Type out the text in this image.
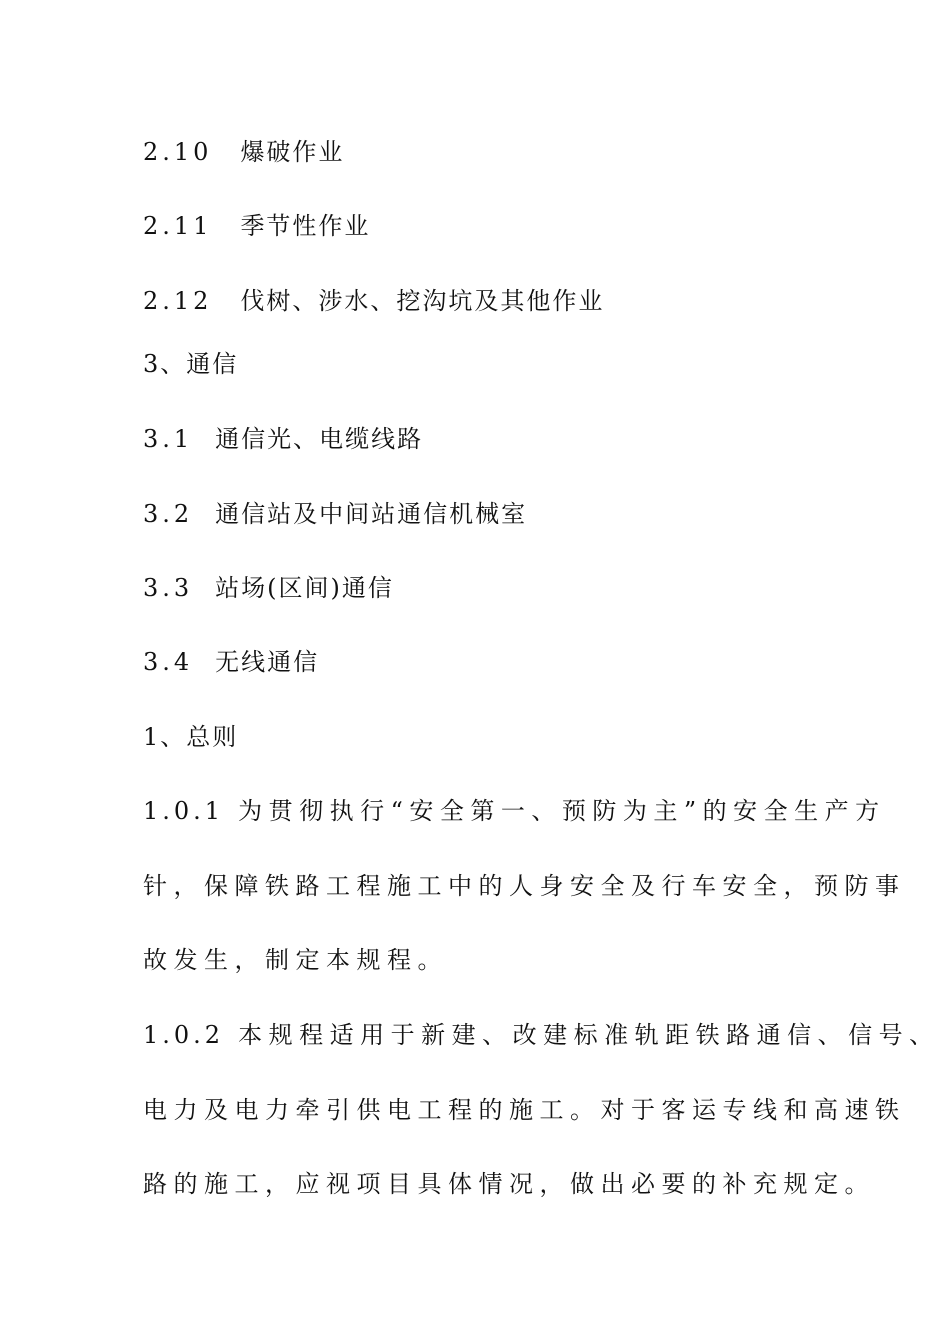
2.10 爆破作业
2.11 季节性作业
2.12 伐树、涉水、挖沟坑及其他作业
3、通信
3.1 通信光、电缆线路
3.2 通信站及中间站通信机械室
3.3 站场(区间)通信
3.4 无线通信
1、总则
1.0.1 为贯彻执行“安全第一、预防为主”的安全生产方
针，保障铁路工程施工中的人身安全及行车安全，预防事
故发生，制定本规程。
1.0.2 本规程适用于新建、改建标准轨距铁路通信、信号、
电力及电力牵引供电工程的施工。对于客运专线和高速铁
路的施工，应视项目具体情况，做出必要的补充规定。
